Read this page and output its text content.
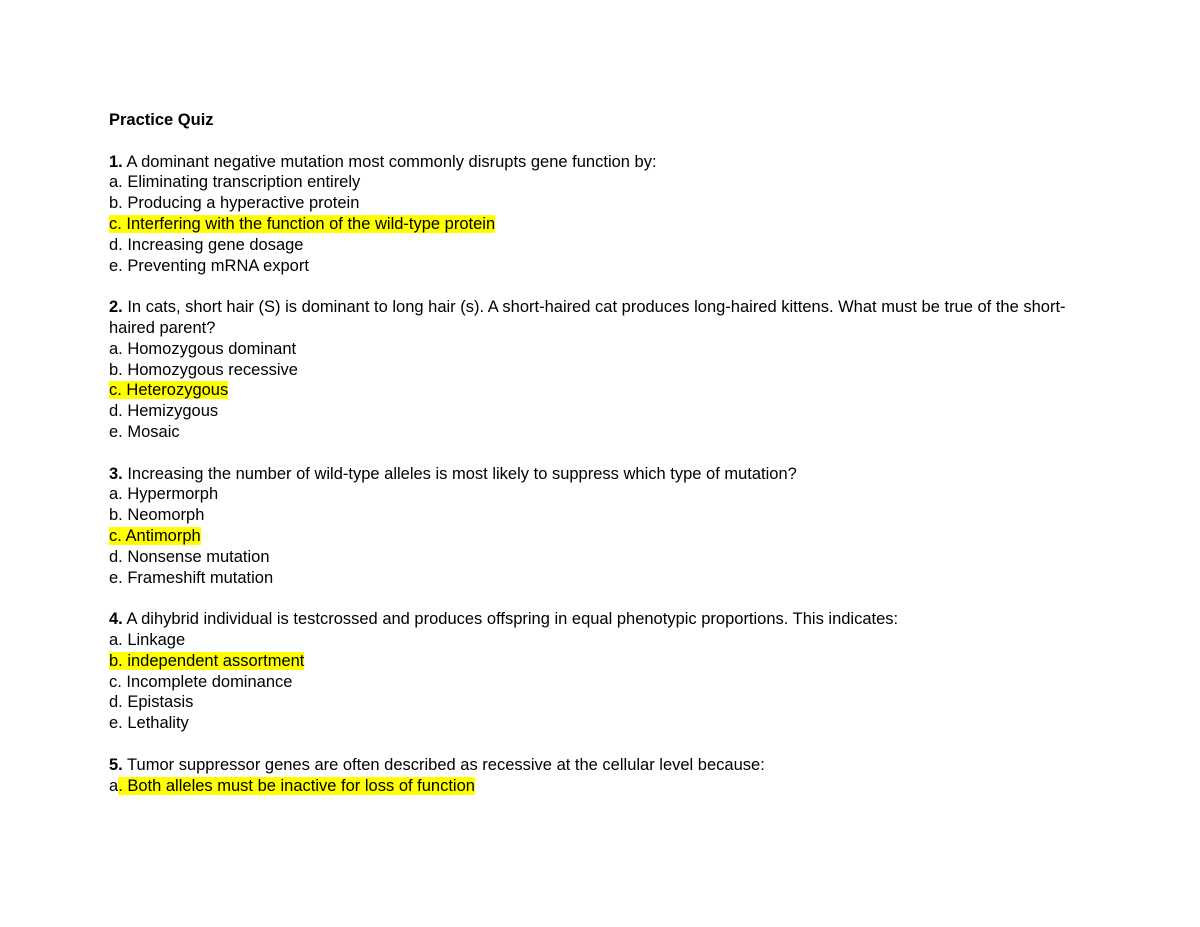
Practice Quiz
1. A dominant negative mutation most commonly disrupts gene function by:
a. Eliminating transcription entirely
b. Producing a hyperactive protein
c. Interfering with the function of the wild-type protein
d. Increasing gene dosage
e. Preventing mRNA export
2. In cats, short hair (S) is dominant to long hair (s). A short-haired cat produces long-haired kittens. What must be true of the short-haired parent?
a. Homozygous dominant
b. Homozygous recessive
c. Heterozygous
d. Hemizygous
e. Mosaic
3. Increasing the number of wild-type alleles is most likely to suppress which type of mutation?
a. Hypermorph
b. Neomorph
c. Antimorph
d. Nonsense mutation
e. Frameshift mutation
4. A dihybrid individual is testcrossed and produces offspring in equal phenotypic proportions. This indicates:
a. Linkage
b. independent assortment
c. Incomplete dominance
d. Epistasis
e. Lethality
5. Tumor suppressor genes are often described as recessive at the cellular level because:
a. Both alleles must be inactive for loss of function
